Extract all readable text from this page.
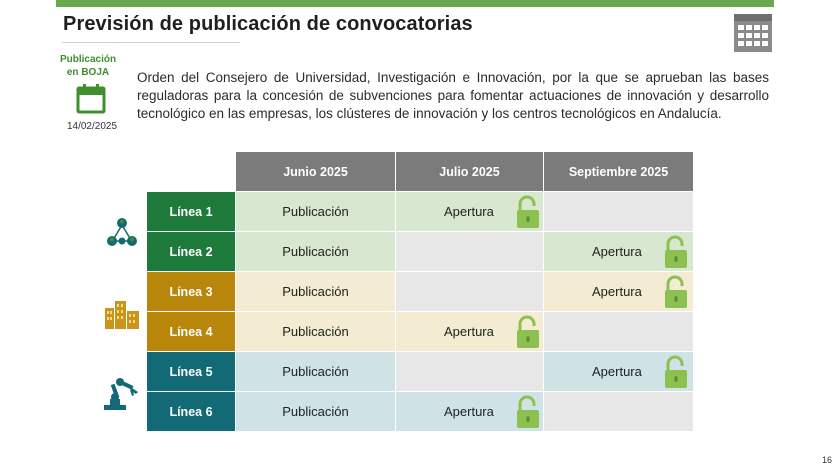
Previsión de publicación de convocatorias
Publicación
en BOJA
14/02/2025

Orden del Consejero de Universidad, Investigación e Innovación, por la que se aprueban las bases reguladoras para la concesión de subvenciones para fomentar actuaciones de innovación y desarrollo tecnológico en las empresas, los clústeres de innovación y los centros tecnológicos en Andalucía.

	Junio 2025	Julio 2025	Septiembre 2025
Línea 1	Publicación	Apertura	

Línea 2	Publicación		Apertura

Línea 3	Publicación		Apertura

Línea 4	Publicación	Apertura	

Línea 5	Publicación		Apertura

Línea 6	Publicación	Apertura	

16
